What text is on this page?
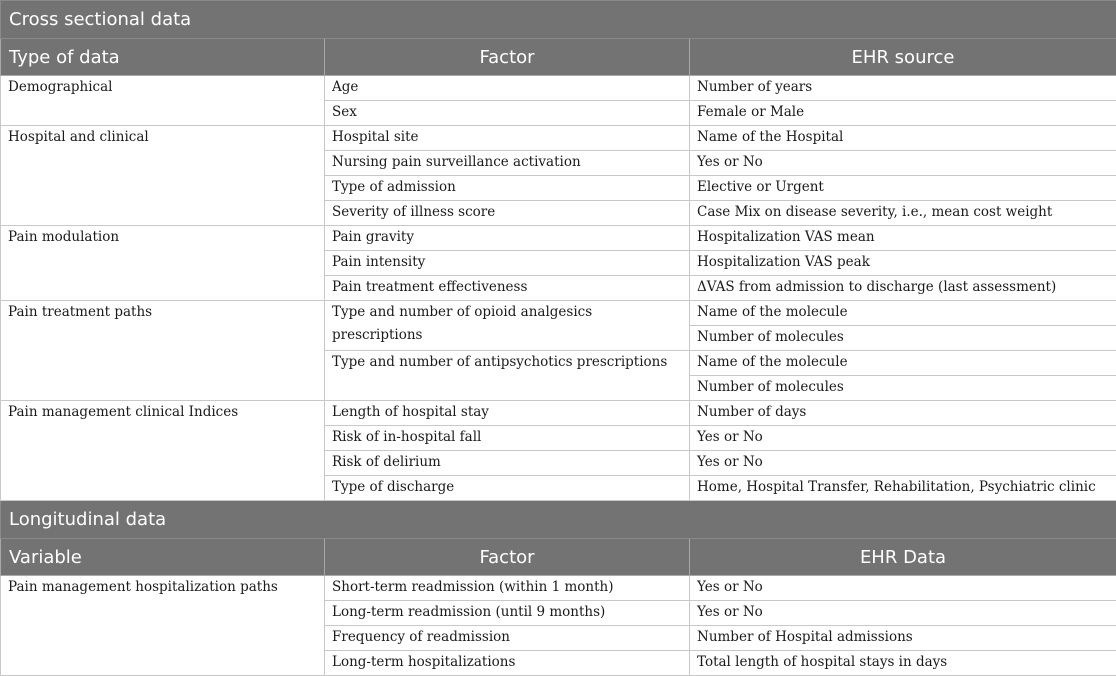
Cross sectional data		
Type of data	Factor	EHR source
Demographical	Age	Number of years
	Sex	Female or Male
Hospital and clinical	Hospital site	Name of the Hospital
	Nursing pain surveillance activation	Yes or No
	Type of admission	Elective or Urgent
	Severity of illness score	Case Mix on disease severity, i.e., mean cost weight
Pain modulation	Pain gravity	Hospitalization VAS mean
	Pain intensity	Hospitalization VAS peak
	Pain treatment effectiveness	ΔVAS from admission to discharge (last assessment)
Pain treatment paths	Type and number of opioid analgesics prescriptions	Name of the molecule
		Number of molecules
	Type and number of antipsychotics prescriptions	Name of the molecule
		Number of molecules
Pain management clinical Indices	Length of hospital stay	Number of days
	Risk of in-hospital fall	Yes or No
	Risk of delirium	Yes or No
	Type of discharge	Home, Hospital Transfer, Rehabilitation, Psychiatric clinic
Longitudinal data		
Variable	Factor	EHR Data
Pain management hospitalization paths	Short-term readmission (within 1 month)	Yes or No
	Long-term readmission (until 9 months)	Yes or No
	Frequency of readmission	Number of Hospital admissions
	Long-term hospitalizations	Total length of hospital stays in days
